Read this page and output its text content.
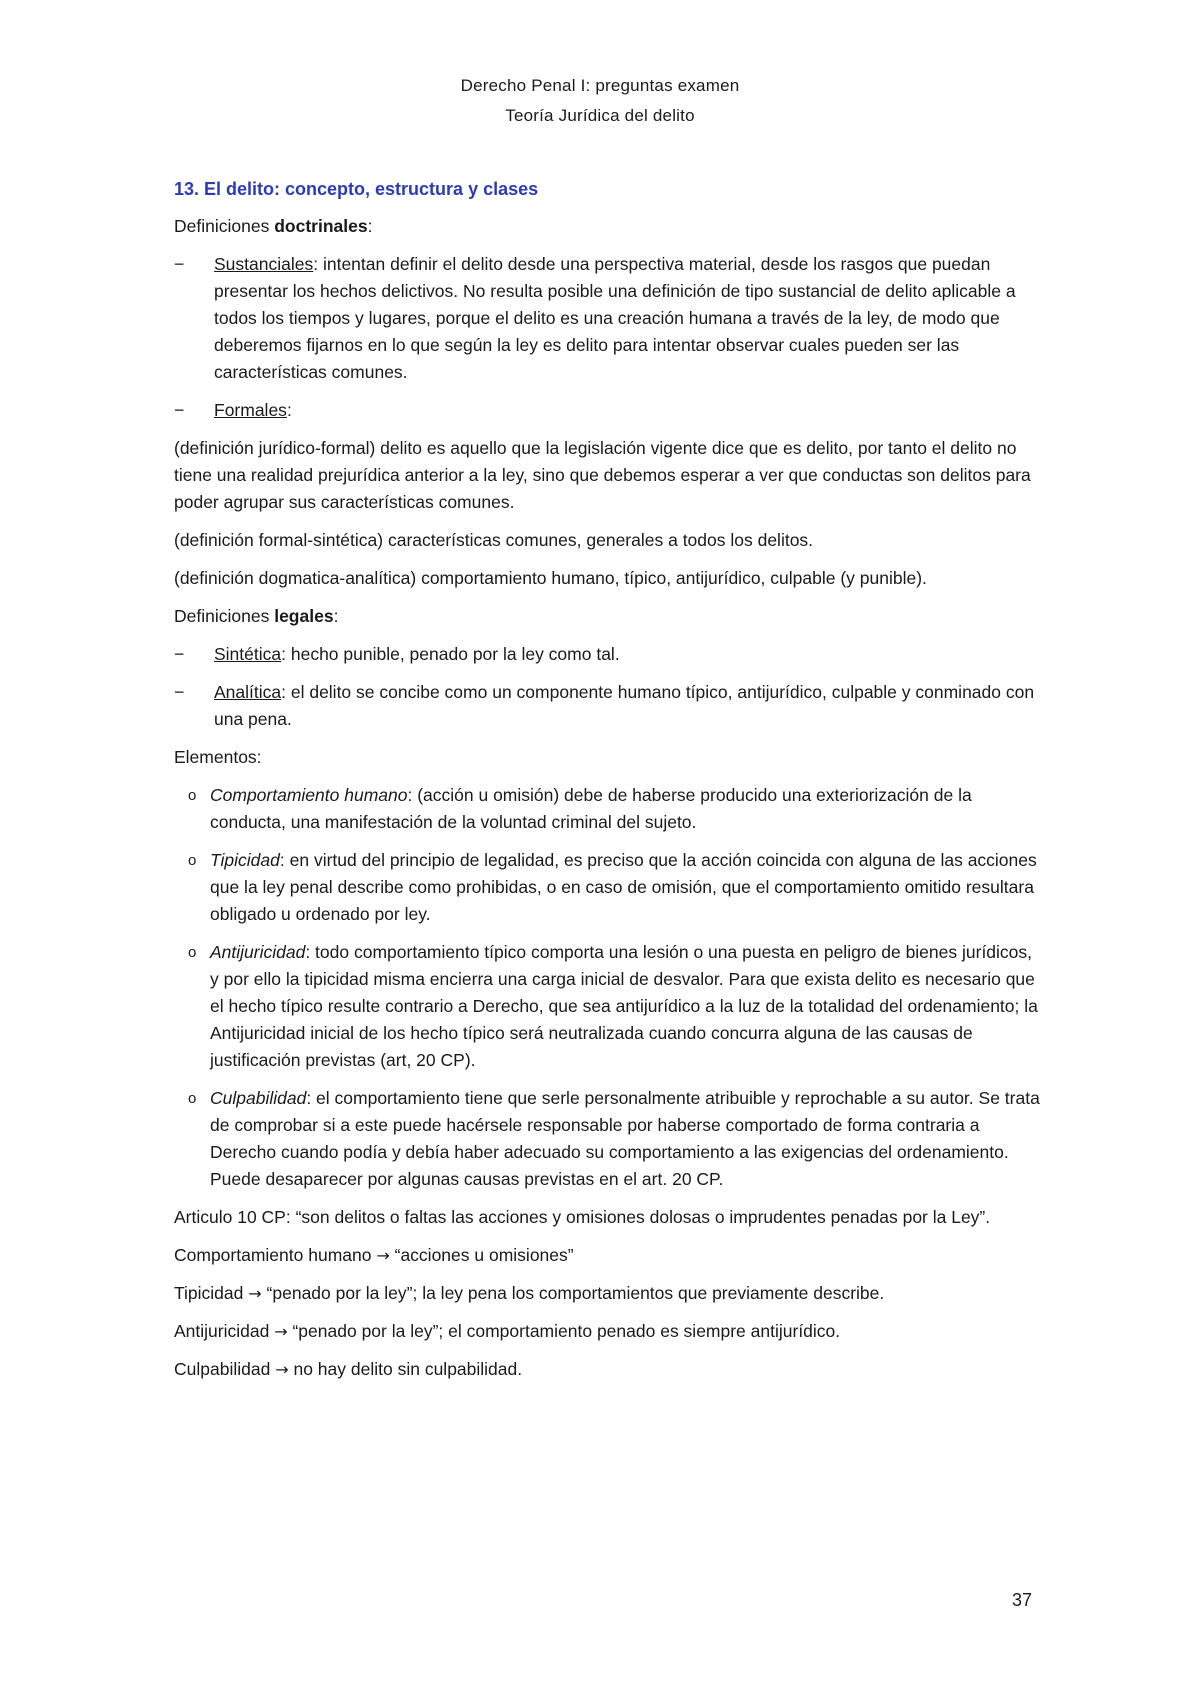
Derecho Penal I: preguntas examen
Teoría Jurídica del delito

13. El delito: concepto, estructura y clases

Definiciones doctrinales:

− Sustanciales: intentan definir el delito desde una perspectiva material, desde los rasgos que puedan presentar los hechos delictivos. No resulta posible una definición de tipo sustancial de delito aplicable a todos los tiempos y lugares, porque el delito es una creación humana a través de la ley, de modo que deberemos fijarnos en lo que según la ley es delito para intentar observar cuales pueden ser las características comunes.
− Formales:

(definición jurídico-formal) delito es aquello que la legislación vigente dice que es delito, por tanto el delito no tiene una realidad prejurídica anterior a la ley, sino que debemos esperar a ver que conductas son delitos para poder agrupar sus características comunes.

(definición formal-sintética) características comunes, generales a todos los delitos.

(definición dogmatica-analítica) comportamiento humano, típico, antijurídico, culpable (y punible).

Definiciones legales:

− Sintética: hecho punible, penado por la ley como tal.
− Analítica: el delito se concibe como un componente humano típico, antijurídico, culpable y conminado con una pena.

Elementos:

o Comportamiento humano: (acción u omisión) debe de haberse producido una exteriorización de la conducta, una manifestación de la voluntad criminal del sujeto.
o Tipicidad: en virtud del principio de legalidad, es preciso que la acción coincida con alguna de las acciones que la ley penal describe como prohibidas, o en caso de omisión, que el comportamiento omitido resultara obligado u ordenado por ley.
o Antijuricidad: todo comportamiento típico comporta una lesión o una puesta en peligro de bienes jurídicos, y por ello la tipicidad misma encierra una carga inicial de desvalor. Para que exista delito es necesario que el hecho típico resulte contrario a Derecho, que sea antijurídico a la luz de la totalidad del ordenamiento; la Antijuricidad inicial de los hecho típico será neutralizada cuando concurra alguna de las causas de justificación previstas (art, 20 CP).
o Culpabilidad: el comportamiento tiene que serle personalmente atribuible y reprochable a su autor. Se trata de comprobar si a este puede hacérsele responsable por haberse comportado de forma contraria a Derecho cuando podía y debía haber adecuado su comportamiento a las exigencias del ordenamiento. Puede desaparecer por algunas causas previstas en el art. 20 CP.

Articulo 10 CP: “son delitos o faltas las acciones y omisiones dolosas o imprudentes penadas por la Ley”.

Comportamiento humano → “acciones u omisiones”

Tipicidad → “penado por la ley”; la ley pena los comportamientos que previamente describe.

Antijuricidad → “penado por la ley”; el comportamiento penado es siempre antijurídico.

Culpabilidad → no hay delito sin culpabilidad.

37
